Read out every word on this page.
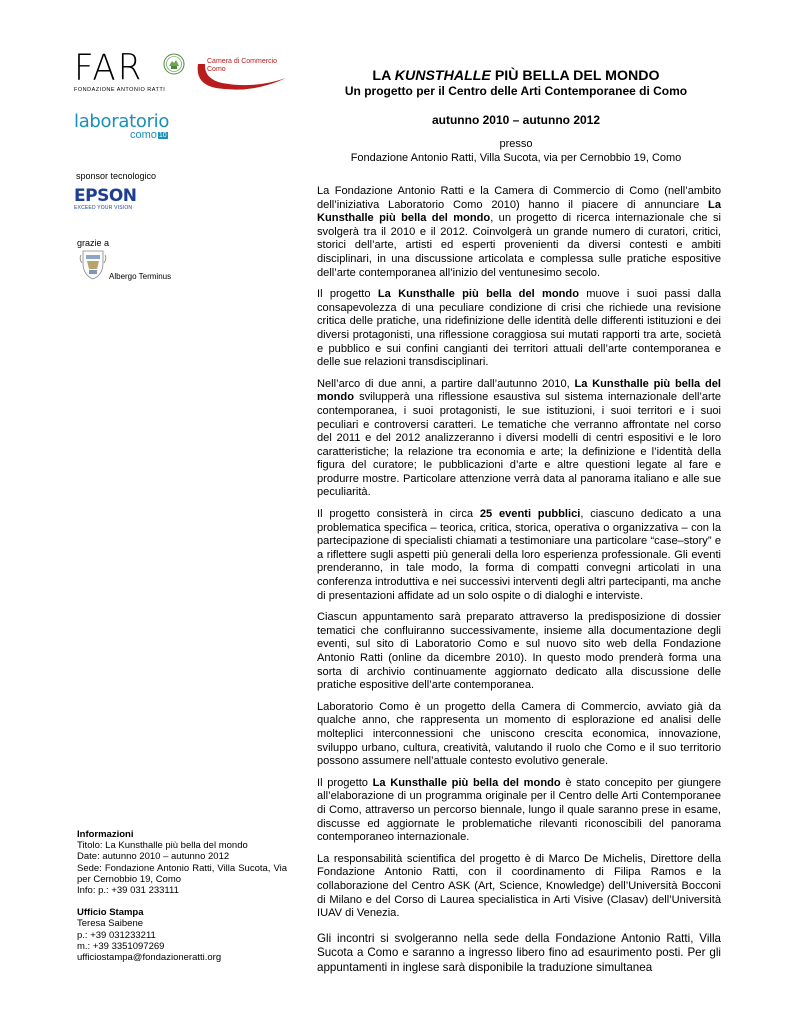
FAR
FONDAZIONE ANTONIO RATTI
Camera di Commercio
Como
laboratorio
como 10
sponsor tecnologico
EPSON
EXCEED YOUR VISION
grazie a
Albergo Terminus
Informazioni
Titolo: La Kunsthalle più bella del mondo
Date: autunno 2010 – autunno 2012
Sede: Fondazione Antonio Ratti, Villa Sucota, Via per Cernobbio 19, Como
Info: p.: +39 031 233111
Ufficio Stampa
Teresa Saibene
p.: +39 031233211
m.: +39 3351097269
ufficiostampa@fondazioneratti.org
LA KUNSTHALLE PIÙ BELLA DEL MONDO
Un progetto per il Centro delle Arti Contemporanee di Como
autunno 2010 – autunno 2012
presso
Fondazione Antonio Ratti, Villa Sucota, via per Cernobbio 19, Como

La Fondazione Antonio Ratti e la Camera di Commercio di Como (nell’ambito dell’iniziativa Laboratorio Como 2010) hanno il piacere di annunciare La Kunsthalle più bella del mondo, un progetto di ricerca internazionale che si svolgerà tra il 2010 e il 2012. Coinvolgerà un grande numero di curatori, critici, storici dell’arte, artisti ed esperti provenienti da diversi contesti e ambiti disciplinari, in una discussione articolata e complessa sulle pratiche espositive dell’arte contemporanea all’inizio del ventunesimo secolo.

Il progetto La Kunsthalle più bella del mondo muove i suoi passi dalla consapevolezza di una peculiare condizione di crisi che richiede una revisione critica delle pratiche, una ridefinizione delle identità delle differenti istituzioni e dei diversi protagonisti, una riflessione coraggiosa sui mutati rapporti tra arte, società e pubblico e sui confini cangianti dei territori attuali dell’arte contemporanea e delle sue relazioni transdisciplinari.

Nell’arco di due anni, a partire dall’autunno 2010, La Kunsthalle più bella del mondo svilupperà una riflessione esaustiva sul sistema internazionale dell’arte contemporanea, i suoi protagonisti, le sue istituzioni, i suoi territori e i suoi peculiari e controversi caratteri. Le tematiche che verranno affrontate nel corso del 2011 e del 2012 analizzeranno i diversi modelli di centri espositivi e le loro caratteristiche; la relazione tra economia e arte; la definizione e l’identità della figura del curatore; le pubblicazioni d’arte e altre questioni legate al fare e produrre mostre. Particolare attenzione verrà data al panorama italiano e alle sue peculiarità.

Il progetto consisterà in circa 25 eventi pubblici, ciascuno dedicato a una problematica specifica – teorica, critica, storica, operativa o organizzativa – con la partecipazione di specialisti chiamati a testimoniare una particolare “case–story” e a riflettere sugli aspetti più generali della loro esperienza professionale. Gli eventi prenderanno, in tale modo, la forma di compatti convegni articolati in una conferenza introduttiva e nei successivi interventi degli altri partecipanti, ma anche di presentazioni affidate ad un solo ospite o di dialoghi e interviste.

Ciascun appuntamento sarà preparato attraverso la predisposizione di dossier tematici che confluiranno successivamente, insieme alla documentazione degli eventi, sul sito di Laboratorio Como e sul nuovo sito web della Fondazione Antonio Ratti (online da dicembre 2010). In questo modo prenderà forma una sorta di archivio continuamente aggiornato dedicato alla discussione delle pratiche espositive dell’arte contemporanea.

Laboratorio Como è un progetto della Camera di Commercio, avviato già da qualche anno, che rappresenta un momento di esplorazione ed analisi delle molteplici interconnessioni che uniscono crescita economica, innovazione, sviluppo urbano, cultura, creatività, valutando il ruolo che Como e il suo territorio possono assumere nell’attuale contesto evolutivo generale.

Il progetto La Kunsthalle più bella del mondo è stato concepito per giungere all’elaborazione di un programma originale per il Centro delle Arti Contemporanee di Como, attraverso un percorso biennale, lungo il quale saranno prese in esame, discusse ed aggiornate le problematiche rilevanti riconoscibili del panorama contemporaneo internazionale.

La responsabilità scientifica del progetto è di Marco De Michelis, Direttore della Fondazione Antonio Ratti, con il coordinamento di Filipa Ramos e la collaborazione del Centro ASK (Art, Science, Knowledge) dell’Università Bocconi di Milano e del Corso di Laurea specialistica in Arti Visive (Clasav) dell’Università IUAV di Venezia.

Gli incontri si svolgeranno nella sede della Fondazione Antonio Ratti, Villa Sucota a Como e saranno a ingresso libero fino ad esaurimento posti. Per gli appuntamenti in inglese sarà disponibile la traduzione simultanea
